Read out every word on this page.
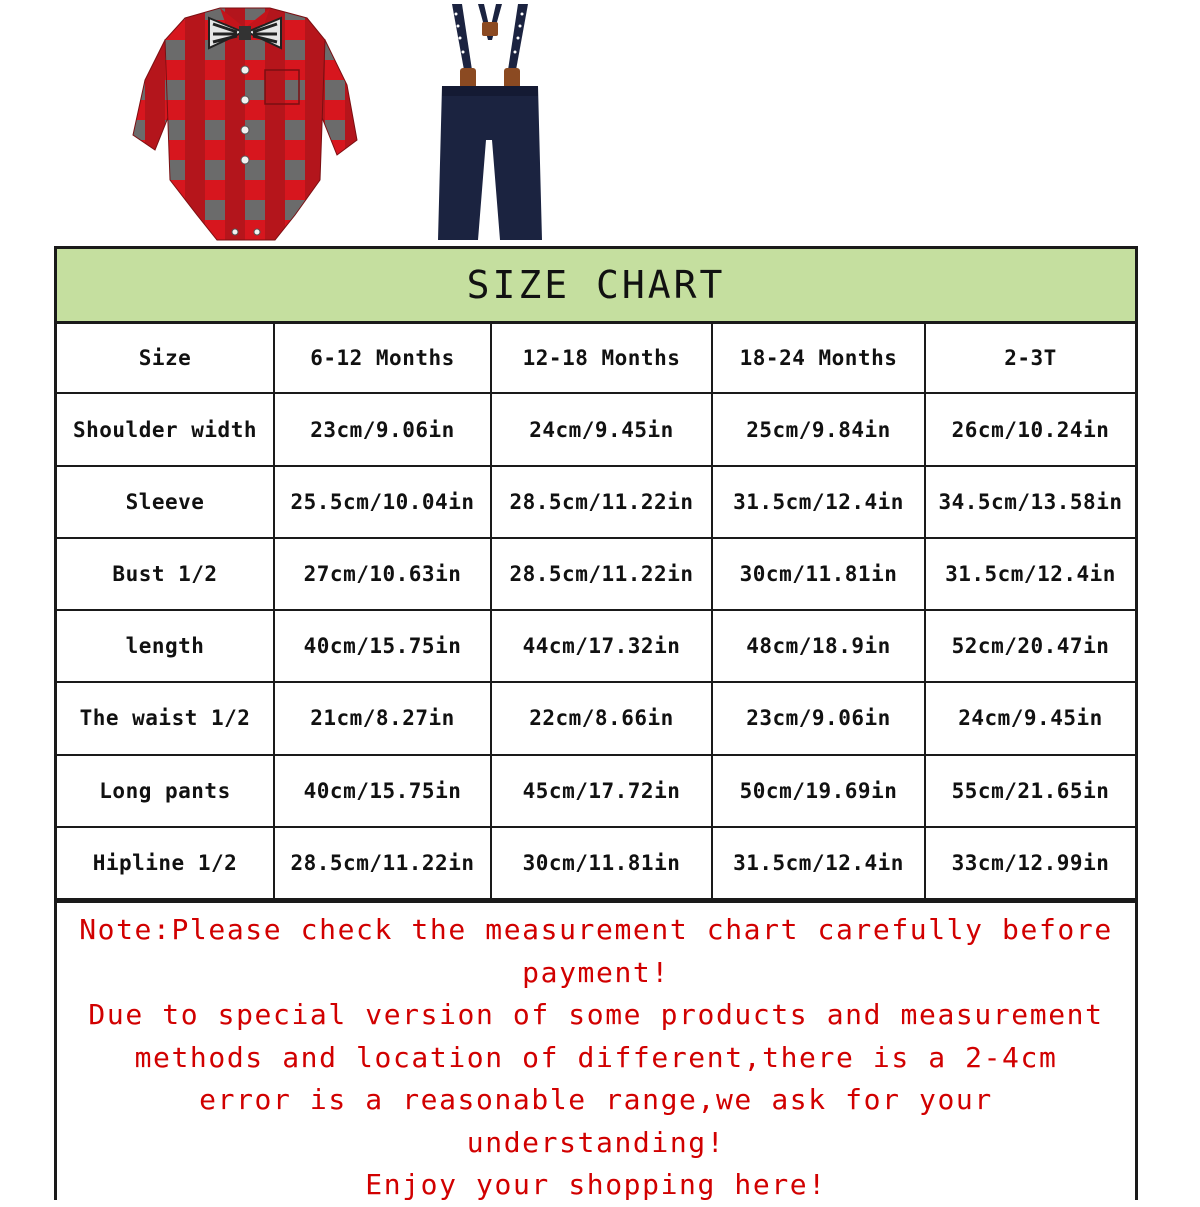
SIZE CHART
Size	6-12 Months	12-18 Months	18-24 Months	2-3T
Shoulder width	23cm/9.06in	24cm/9.45in	25cm/9.84in	26cm/10.24in
Sleeve	25.5cm/10.04in	28.5cm/11.22in	31.5cm/12.4in	34.5cm/13.58in
Bust 1/2	27cm/10.63in	28.5cm/11.22in	30cm/11.81in	31.5cm/12.4in
length	40cm/15.75in	44cm/17.32in	48cm/18.9in	52cm/20.47in
The waist 1/2	21cm/8.27in	22cm/8.66in	23cm/9.06in	24cm/9.45in
Long pants	40cm/15.75in	45cm/17.72in	50cm/19.69in	55cm/21.65in
Hipline 1/2	28.5cm/11.22in	30cm/11.81in	31.5cm/12.4in	33cm/12.99in
Note:Please check the measurement chart carefully before
payment!
Due to special version of some products and measurement
methods and location of different,there is a 2-4cm
error is a reasonable range,we ask for your
understanding!
Enjoy your shopping here!
